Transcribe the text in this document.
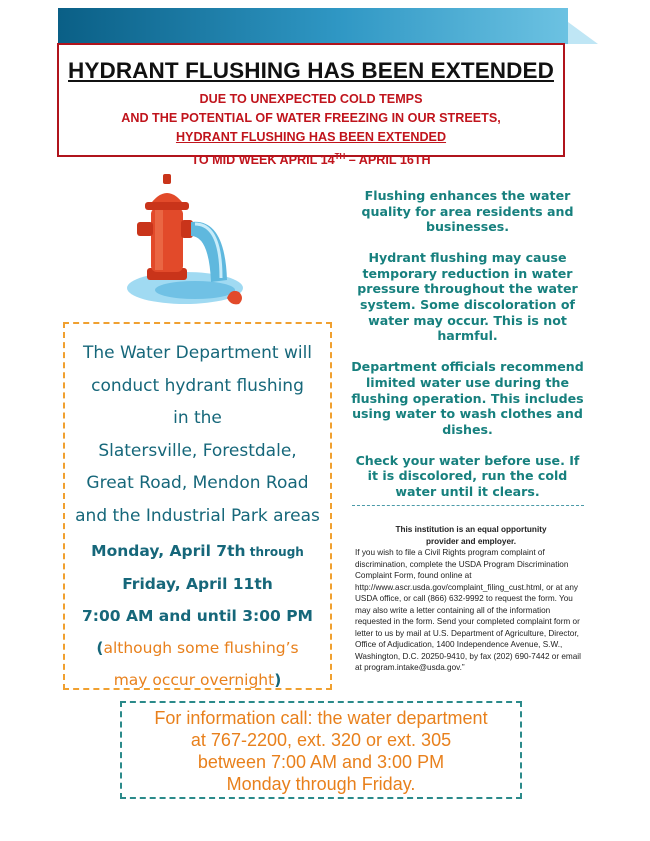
HYDRANT FLUSHING HAS BEEN EXTENDED
DUE TO UNEXPECTED COLD TEMPS
AND THE POTENTIAL OF WATER FREEZING IN OUR STREETS,
HYDRANT FLUSHING HAS BEEN EXTENDED
TO MID WEEK APRIL 14TH – APRIL 16TH
The Water Department will
conduct hydrant flushing
in the
Slatersville, Forestdale,
Great Road, Mendon Road
and the Industrial Park areas
Monday, April 7th through
Friday, April 11th
7:00 AM and until 3:00 PM
(although some flushing’s
may occur overnight)

Flushing enhances the water quality for area residents and businesses.

Hydrant flushing may cause temporary reduction in water pressure throughout the water system. Some discoloration of water may occur. This is not harmful.

Department officials recommend limited water use during the flushing operation. This includes using water to wash clothes and dishes.

Check your water before use. If it is discolored, run the cold water until it clears.

This institution is an equal opportunity
provider and employer.
If you wish to file a Civil Rights program complaint of discrimination, complete the USDA Program Discrimination Complaint Form, found online at http://www.ascr.usda.gov/complaint_filing_cust.html, or at any USDA office, or call (866) 632-9992 to request the form. You may also write a letter containing all of the information requested in the form. Send your completed complaint form or letter to us by mail at U.S. Department of Agriculture, Director, Office of Adjudication, 1400 Independence Avenue, S.W., Washington, D.C. 20250-9410, by fax (202) 690-7442 or email at program.intake@usda.gov.”
For information call: the water department
at 767-2200, ext. 320 or ext. 305
between 7:00 AM and 3:00 PM
Monday through Friday.
